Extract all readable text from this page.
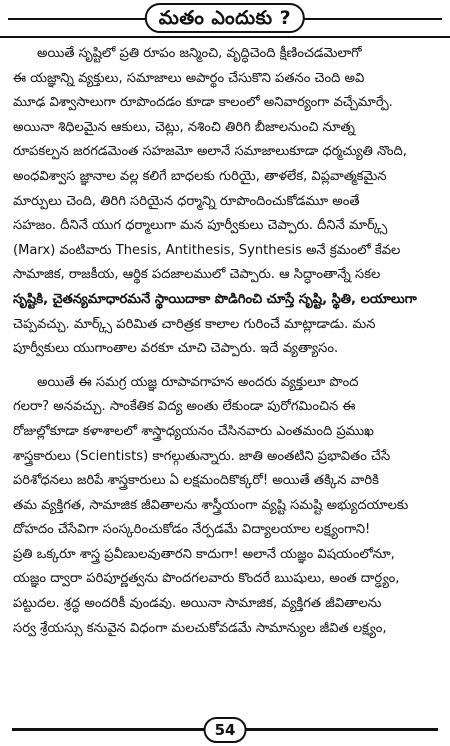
మతం ఎందుకు ?
అయితే సృష్టిలో ప్రతి రూపం జన్మించి, వృద్ధిచెంది క్షీణించడమెలాగో
ఈ యజ్ఞాన్ని వ్యక్తులు, సమాజాలు అపార్థం చేసుకొని పతనం చెంది అవి
మూఢ విశ్వాసాలుగా రూపొందడం కూడా కాలంలో అనివార్యంగా వచ్చేమార్పే.
అయినా శిధిలమైన ఆకులు, చెట్లు, నశించి తిరిగి బీజాలనుంచి నూత్న
రూపకల్పన జరగడమెంత సహజమో అలానే సమాజాలుకూడా ధర్మచ్యుతి నొంది,
అంధవిశ్వాస జ్ఞానాల వల్ల కలిగే బాధలకు గురియై, తాళలేక, విప్లవాత్మకమైన
మార్పులు చెంది, తిరిగి సరియైన ధర్మాన్ని రూపొందించుకోడమూ అంతే
సహజం. దీనినే యుగ ధర్మాలుగా మన పూర్వీకులు చెప్పారు. దీనినే మార్క్స్
(Marx) వంటివారు Thesis, Antithesis, Synthesis అనే క్రమంలో కేవల
సామాజిక, రాజకీయ, ఆర్థిక పదజాలములో చెప్పారు. ఆ సిద్ధాంతాన్నే సకల
సృష్టికి, చైతన్యమాధారమనే స్థాయిదాకా పొడిగించి చూస్తే సృష్టి, స్థితి, లయాలుగా
చెప్పవచ్చు. మార్క్స్ పరిమిత చారిత్రక కాలాల గురించే మాట్లాడాడు. మన
పూర్వీకులు యుగాంతాల వరకూ చూచి చెప్పారు. ఇదే వ్యత్యాసం.
అయితే ఈ సమగ్ర యజ్ఞ రూపావగాహన అందరు వ్యక్తులూ పొంద
గలరా? అనవచ్చు. సాంకేతిక విద్య అంతు లేకుండా పురోగమించిన ఈ
రోజుల్లోకూడా కళాశాలలో శాస్త్రాధ్యయనం చేసినవారు ఎంతమంది ప్రముఖ
శాస్త్రకారులు (Scientists) కాగల్గుతున్నారు. జాతి అంతటిని ప్రభావితం చేసే
పరిశోధనలు జరిపే శాస్త్రకారులు ఏ లక్షమందికొక్కరో! అయితే తక్కిన వారికి
తమ వ్యక్తిగత, సామాజిక జీవితాలను శాస్త్రీయంగా వ్యష్టి సమష్టి అభ్యుదయాలకు
దోహదం చేసేవిగా సంస్కరించుకోడం నేర్పడమే విద్యాలయాల లక్ష్యంగాని!
ప్రతి ఒక్కరూ శాస్త్ర ప్రవీణులవుతారని కాదుగా! అలానే యజ్ఞం విషయంలోనూ,
యజ్ఞం ద్వారా పరిపూర్ణత్వను పొందగలవారు కొందరే ఋషులు, అంత దార్ఢ్యం,
పట్టుదల. శ్రద్ధ అందరికీ వుండవు. అయినా సామాజిక, వ్యక్తిగత జీవితాలను
సర్వ శ్రేయస్సు కనువైన విధంగా మలచుకోవడమే సామాన్యుల జీవిత లక్ష్యం,
54
